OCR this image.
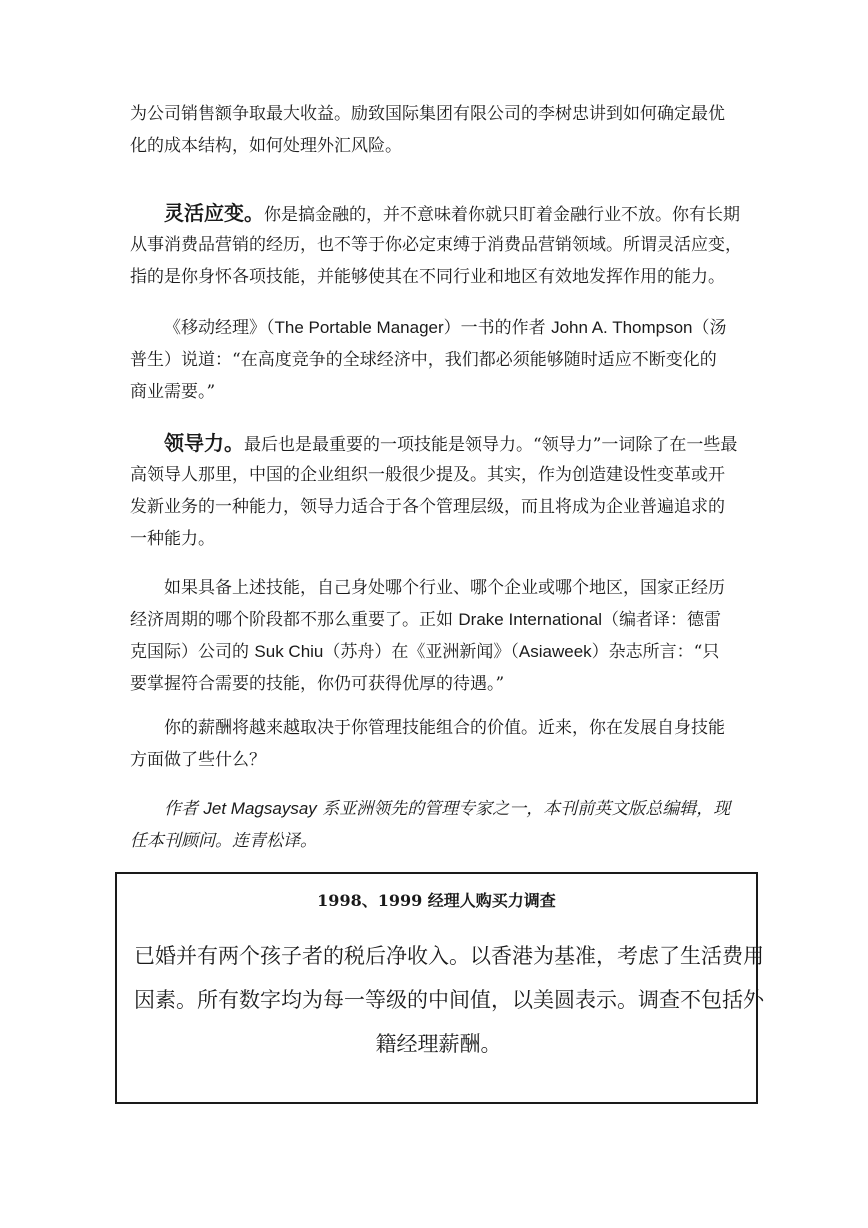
为公司销售额争取最大收益。励致国际集团有限公司的李树忠讲到如何确定最优
化的成本结构，如何处理外汇风险。

灵活应变。你是搞金融的，并不意味着你就只盯着金融行业不放。你有长期
从事消费品营销的经历，也不等于你必定束缚于消费品营销领域。所谓灵活应变，
指的是你身怀各项技能，并能够使其在不同行业和地区有效地发挥作用的能力。

《移动经理》（The Portable Manager）一书的作者 John A. Thompson（汤
普生）说道：“在高度竞争的全球经济中，我们都必须能够随时适应不断变化的
商业需要。”

领导力。最后也是最重要的一项技能是领导力。“领导力”一词除了在一些最
高领导人那里，中国的企业组织一般很少提及。其实，作为创造建设性变革或开
发新业务的一种能力，领导力适合于各个管理层级，而且将成为企业普遍追求的
一种能力。

如果具备上述技能，自己身处哪个行业、哪个企业或哪个地区，国家正经历
经济周期的哪个阶段都不那么重要了。正如 Drake International（编者译：德雷
克国际）公司的 Suk Chiu（苏舟）在《亚洲新闻》（Asiaweek）杂志所言：“只
要掌握符合需要的技能，你仍可获得优厚的待遇。”

你的薪酬将越来越取决于你管理技能组合的价值。近来，你在发展自身技能
方面做了些什么？

作者 Jet Magsaysay 系亚洲领先的管理专家之一，本刊前英文版总编辑，现
任本刊顾问。连青松译。

1998、1999 经理人购买力调查
已婚并有两个孩子者的税后净收入。以香港为基准，考虑了生活费用
因素。所有数字均为每一等级的中间值，以美圆表示。调查不包括外
籍经理薪酬。
